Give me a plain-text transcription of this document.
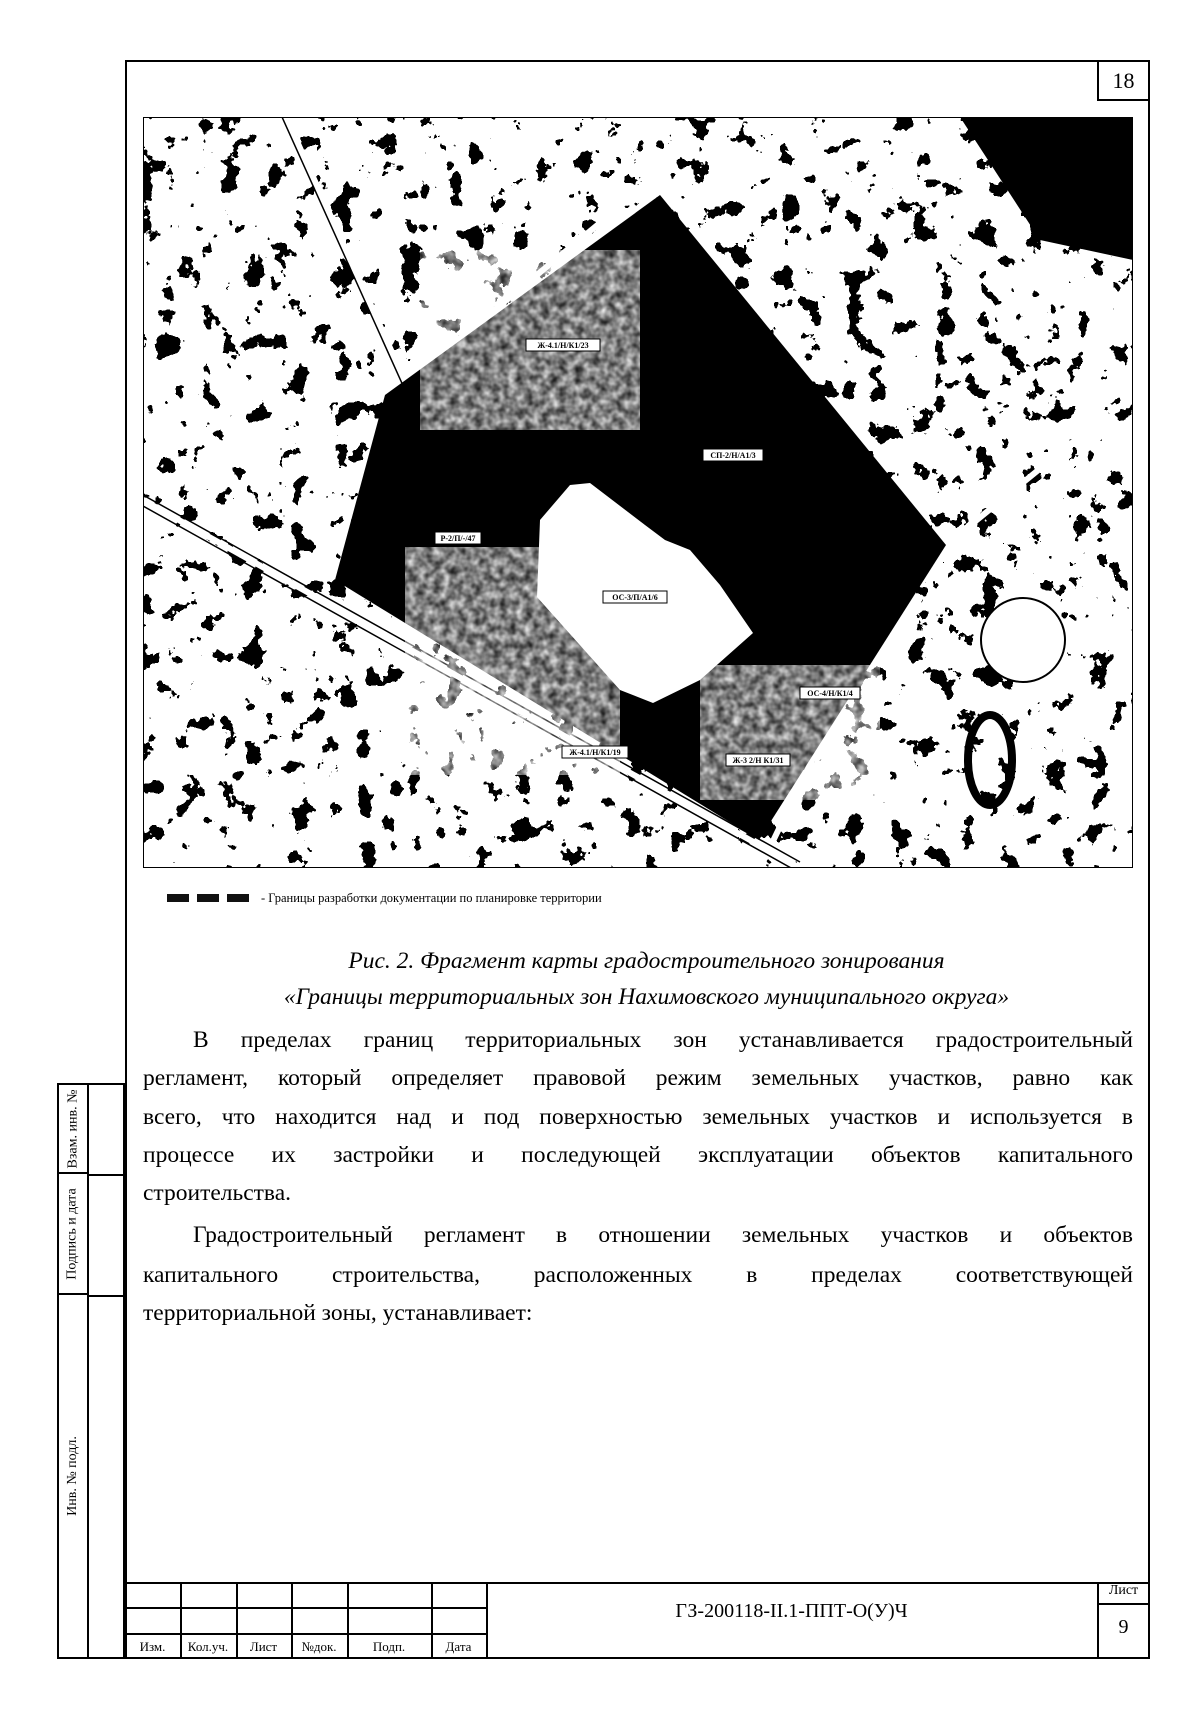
18
Ж-4.1/Н/К1/23
СП-2/Н/А1/3
Р-2/П/-/47
ОС-3/П/А1/6
ОС-4/Н/К1/4
Ж-4.1/Н/К1/19
Ж-3 2/Н К1/31
- Границы разработки документации по планировке территории
Рис. 2. Фрагмент карты градостроительного зонирования
«Границы территориальных зон Нахимовского муниципального округа»
В пределах границ территориальных зон устанавливается градостроительный
регламент, который определяет правовой режим земельных участков, равно как
всего, что находится над и под поверхностью земельных участков и используется в
процессе их застройки и последующей эксплуатации объектов капитального
строительства.
Градостроительный регламент в отношении земельных участков и объектов
капитального строительства, расположенных в пределах соответствующей
территориальной зоны, устанавливает:
Взам. инв. №
Подпись и дата
Инв. № подл.
Изм.	Кол.уч.	Лист	№док.	Подп.	Дата
ГЗ-200118-II.1-ППТ-О(У)Ч
Лист
9
